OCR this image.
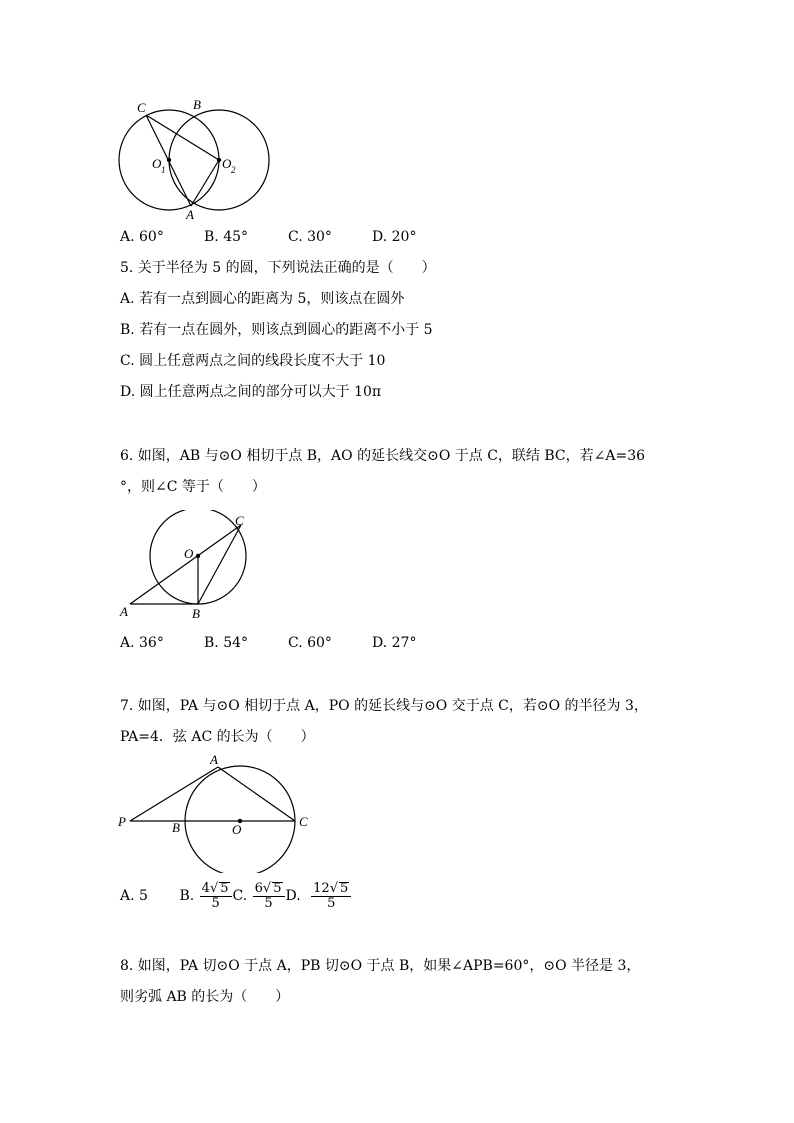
C	B
O 1	O 2
A
A. 60°	B. 45°	C. 30°	D. 20°
5. 关于半径为 5 的圆，下列说法正确的是（　　）
A. 若有一点到圆心的距离为 5，则该点在圆外
B. 若有一点在圆外，则该点到圆心的距离不小于 5
C. 圆上任意两点之间的线段长度不大于 10
D. 圆上任意两点之间的部分可以大于 10π
6. 如图，AB 与⊙O 相切于点 B，AO 的延长线交⊙O 于点 C，联结 BC，若∠A=36
°，则∠C 等于（　　）
C
O
A	B
A. 36°	B. 54°	C. 60°	D. 27°
7. 如图，PA 与⊙O 相切于点 A，PO 的延长线与⊙O 交于点 C，若⊙O 的半径为 3，
PA=4．弦 AC 的长为（　　）
A
P	B	O
C
A. 5 B. $\frac{4√ 5}{5} C$. $\frac{6√ 5}{5} D$. $\frac{12√ 5}{5}$
8. 如图，PA 切⊙O 于点 A，PB 切⊙O 于点 B，如果∠APB=60°，⊙O 半径是 3，
则劣弧 AB 的长为（　　）
